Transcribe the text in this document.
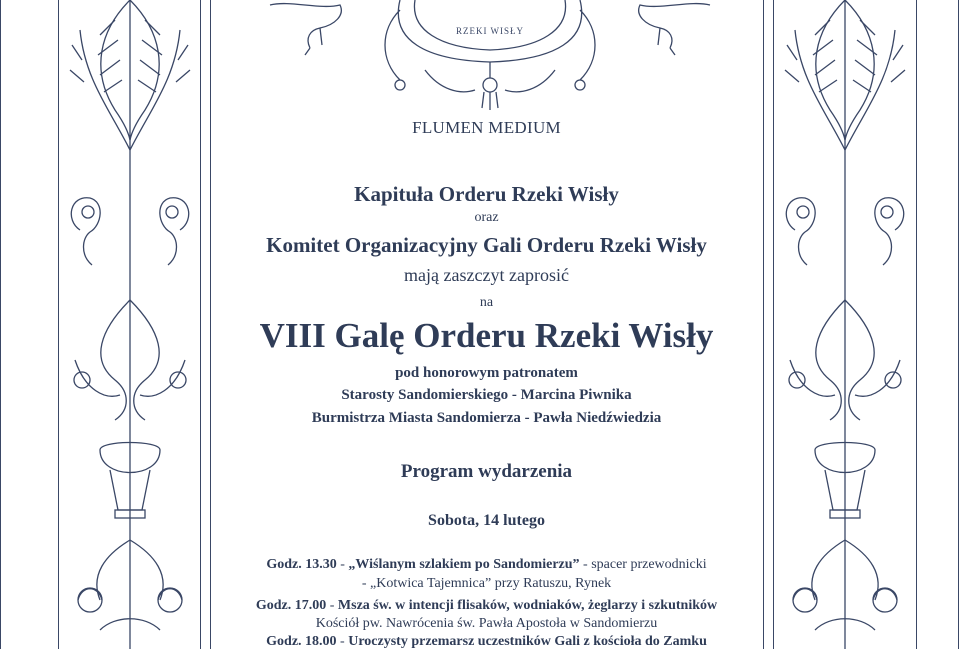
RZEKI WISŁY
FLUMEN MEDIUM
Kapituła Orderu Rzeki Wisły
oraz
Komitet Organizacyjny Gali Orderu Rzeki Wisły
mają zaszczyt zaprosić
na
VIII Galę Orderu Rzeki Wisły
pod honorowym patronatem
Starosty Sandomierskiego - Marcina Piwnika
Burmistrza Miasta Sandomierza - Pawła Niedźwiedzia
Program wydarzenia
Sobota, 14 lutego
Godz. 13.30 - „Wiślanym szlakiem po Sandomierzu” - spacer przewodnicki
- „Kotwica Tajemnica” przy Ratuszu, Rynek
Godz. 17.00 - Msza św. w intencji flisaków, wodniaków, żeglarzy i szkutników
Kościół pw. Nawrócenia św. Pawła Apostoła w Sandomierzu
Godz. 18.00 - Uroczysty przemarsz uczestników Gali z kościoła do Zamku
